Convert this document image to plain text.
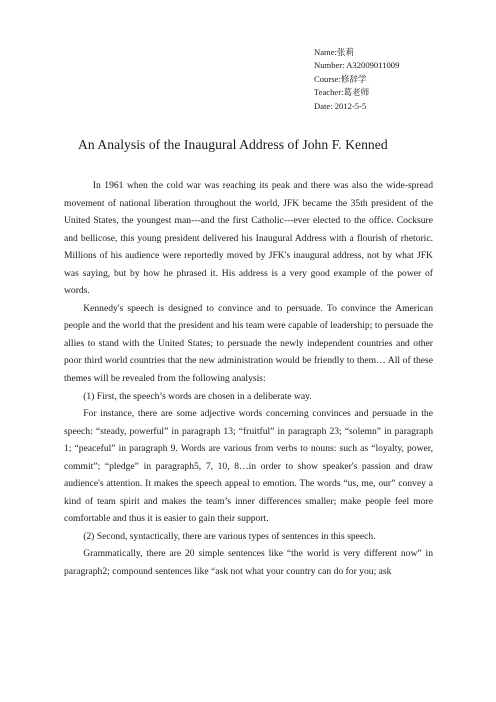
Name:张莉
Number: A32009011009
Course:修辞学
Teacher:葛老师
Date: 2012-5-5
An Analysis of the Inaugural Address of John F. Kenned

In 1961 when the cold war was reaching its peak and there was also the wide-spread movement of national liberation throughout the world, JFK became the 35th president of the United States, the youngest man---and the first Catholic---ever elected to the office. Cocksure and bellicose, this young president delivered his Inaugural Address with a flourish of rhetoric. Millions of his audience were reportedly moved by JFK's inaugural address, not by what JFK was saying, but by how he phrased it. His address is a very good example of the power of words.

Kennedy's speech is designed to convince and to persuade. To convince the American people and the world that the president and his team were capable of leadership; to persuade the allies to stand with the United States; to persuade the newly independent countries and other poor third world countries that the new administration would be friendly to them… All of these themes will be revealed from the following analysis:

(1) First, the speech’s words are chosen in a deliberate way.

For instance, there are some adjective words concerning convinces and persuade in the speech: “steady, powerful” in paragraph 13; “fruitful” in paragraph 23; “solemn” in paragraph 1; “peaceful” in paragraph 9. Words are various from verbs to nouns: such as “loyalty, power, commit”; “pledge” in paragraph5, 7, 10, 8…in order to show speaker's passion and draw audience's attention. It makes the speech appeal to emotion. The words “us, me, our” convey a kind of team spirit and makes the team’s inner differences smaller; make people feel more comfortable and thus it is easier to gain their support.

(2) Second, syntactically, there are various types of sentences in this speech.

Grammatically, there are 20 simple sentences like “the world is very different now” in paragraph2; compound sentences like “ask not what your country can do for you; ask
